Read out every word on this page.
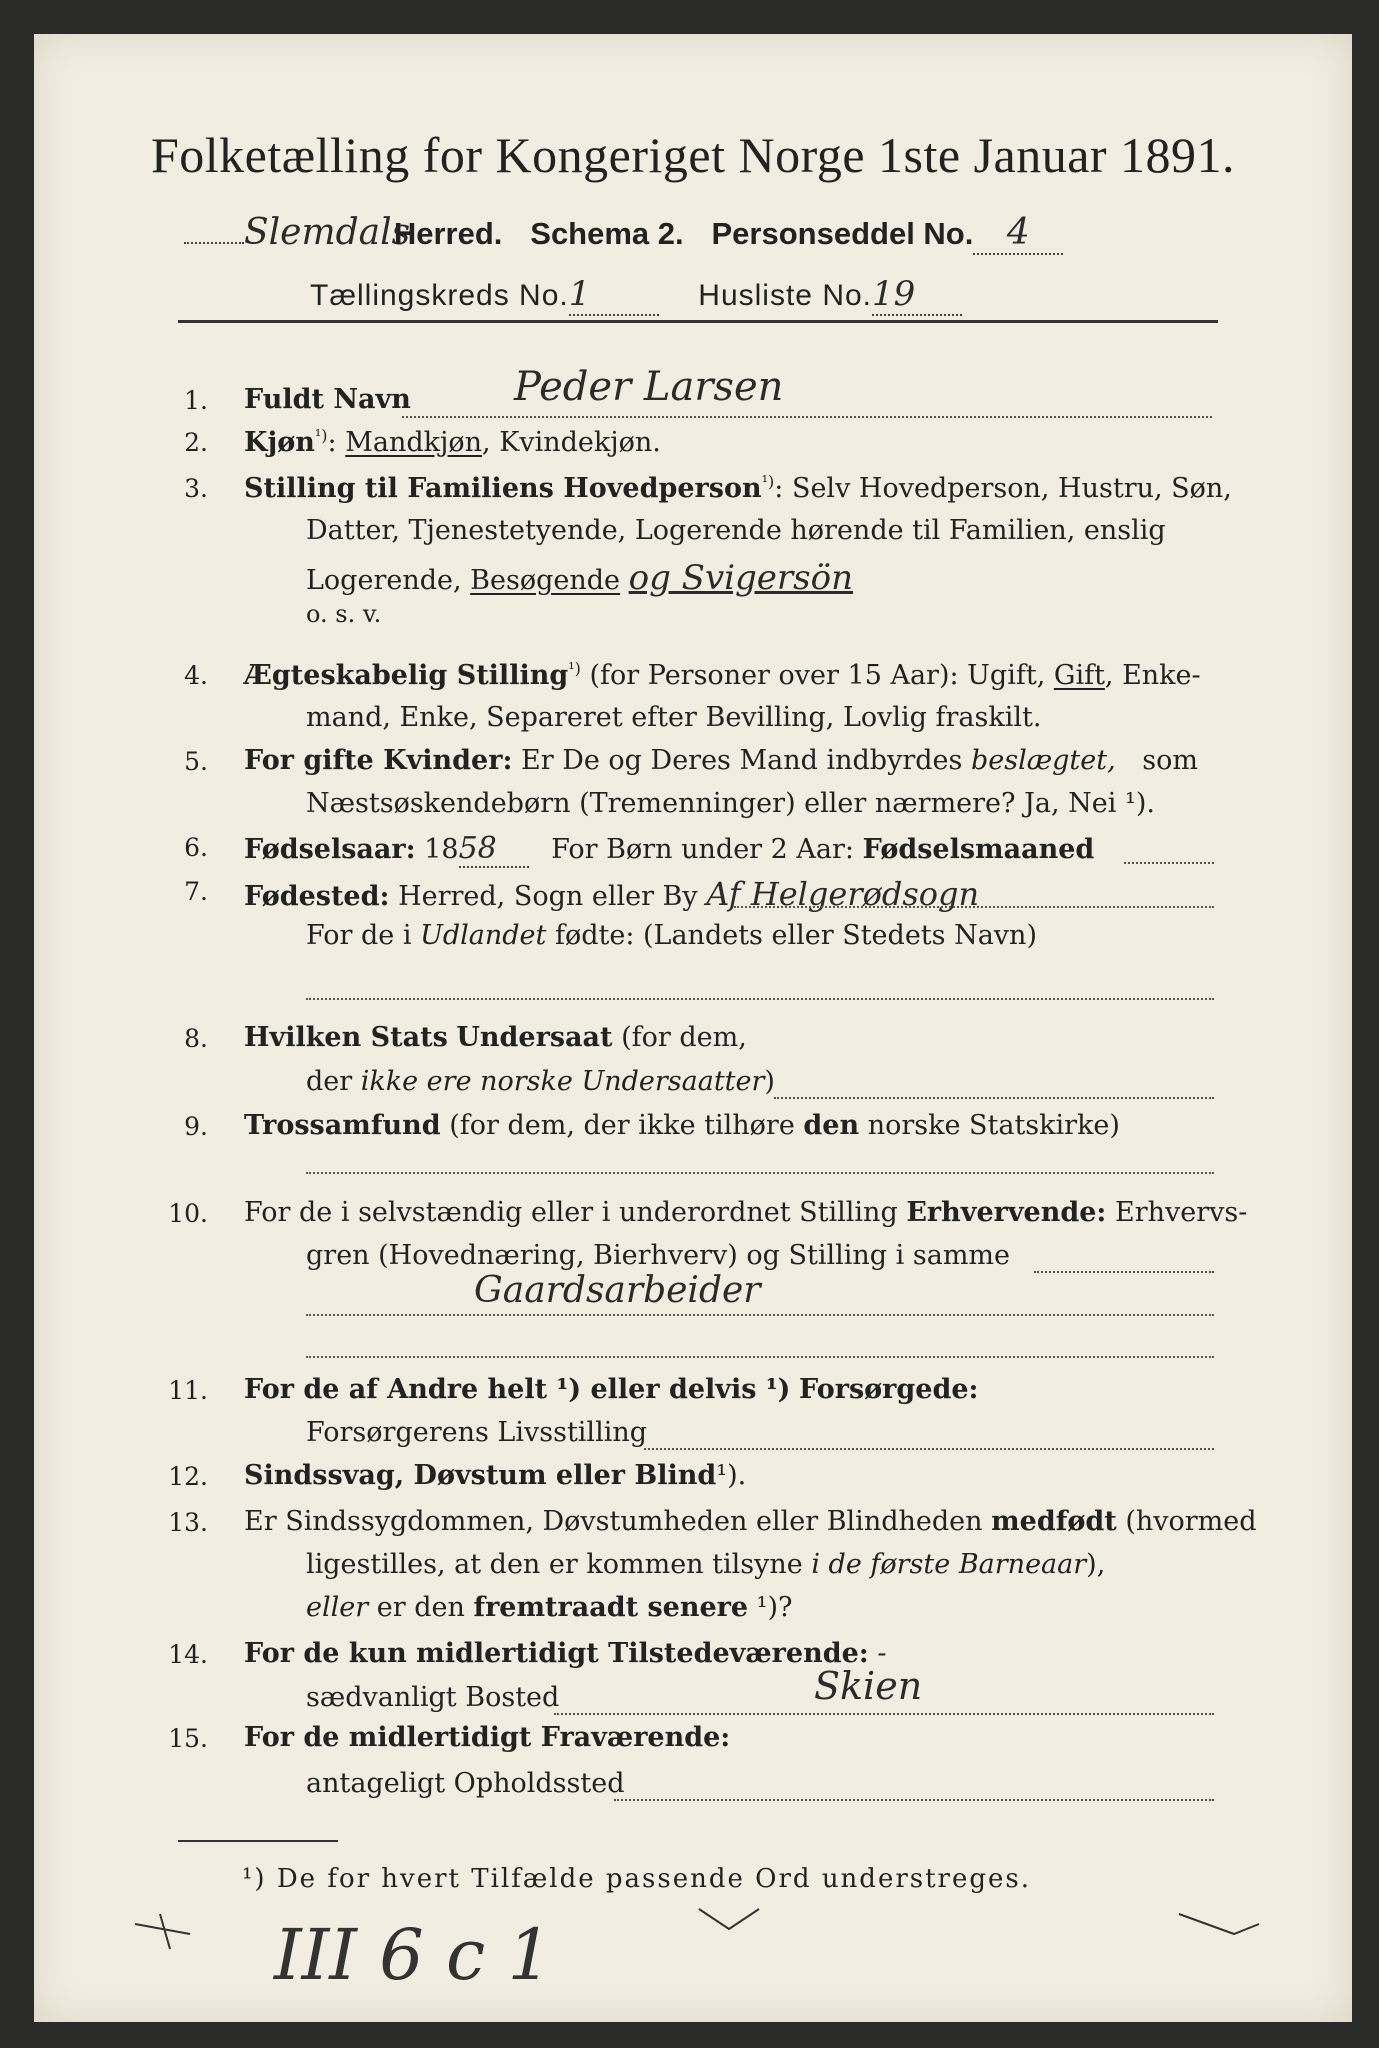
Folketælling for Kongeriget Norge 1ste Januar 1891.
Slemdals Herred. Schema 2. Personseddel No. 4
Tællingskreds No.1	Husliste No.19
1. Fuldt Navn	Peder Larsen
2. Kjøn$^{^1)}$: Mandkjøn, Kvindekjøn.
3. Stilling til Familiens Hovedperson$^{^1)}$: Selv Hovedperson, Hustru, Søn,
Datter, Tjenestetyende, Logerende hørende til Familien, enslig
Logerende, Besøgende og Svigersön
o. s. v.
4. Ægteskabelig Stilling$^{^1)}$ (for Personer over 15 Aar): Ugift, Gift, Enke-
mand, Enke, Separeret efter Bevilling, Lovlig fraskilt.
5. For gifte Kvinder: Er De og Deres Mand indbyrdes beslægtet, som
Næstsøskendebørn (Tremenninger) eller nærmere? Ja, Nei ¹).
6. Fødselsaar: 1858 For Børn under 2 Aar: Fødselsmaaned
7. Fødested: Herred, Sogn eller By Af Helgerødsogn
For de i Udlandet fødte: (Landets eller Stedets Navn)
8. Hvilken Stats Undersaat (for dem,
der ikke ere norske Undersaatter)
9. Trossamfund (for dem, der ikke tilhøre den norske Statskirke)
10. For de i selvstændig eller i underordnet Stilling Erhvervende: Erhvervs-
gren (Hovednæring, Bierhverv) og Stilling i samme
Gaardsarbeider
11. For de af Andre helt ¹) eller delvis ¹) Forsørgede:
Forsørgerens Livsstilling
12. Sindssvag, Døvstum eller Blind¹).
13. Er Sindssygdommen, Døvstumheden eller Blindheden medfødt (hvormed
ligestilles, at den er kommen tilsyne i de første Barneaar),
eller er den fremtraadt senere ¹)?
14. For de kun midlertidigt Tilstedeværende: -
sædvanligt Bosted	Skien
15. For de midlertidigt Fraværende:
antageligt Opholdssted
¹) De for hvert Tilfælde passende Ord understreges.
III 6 c 1
